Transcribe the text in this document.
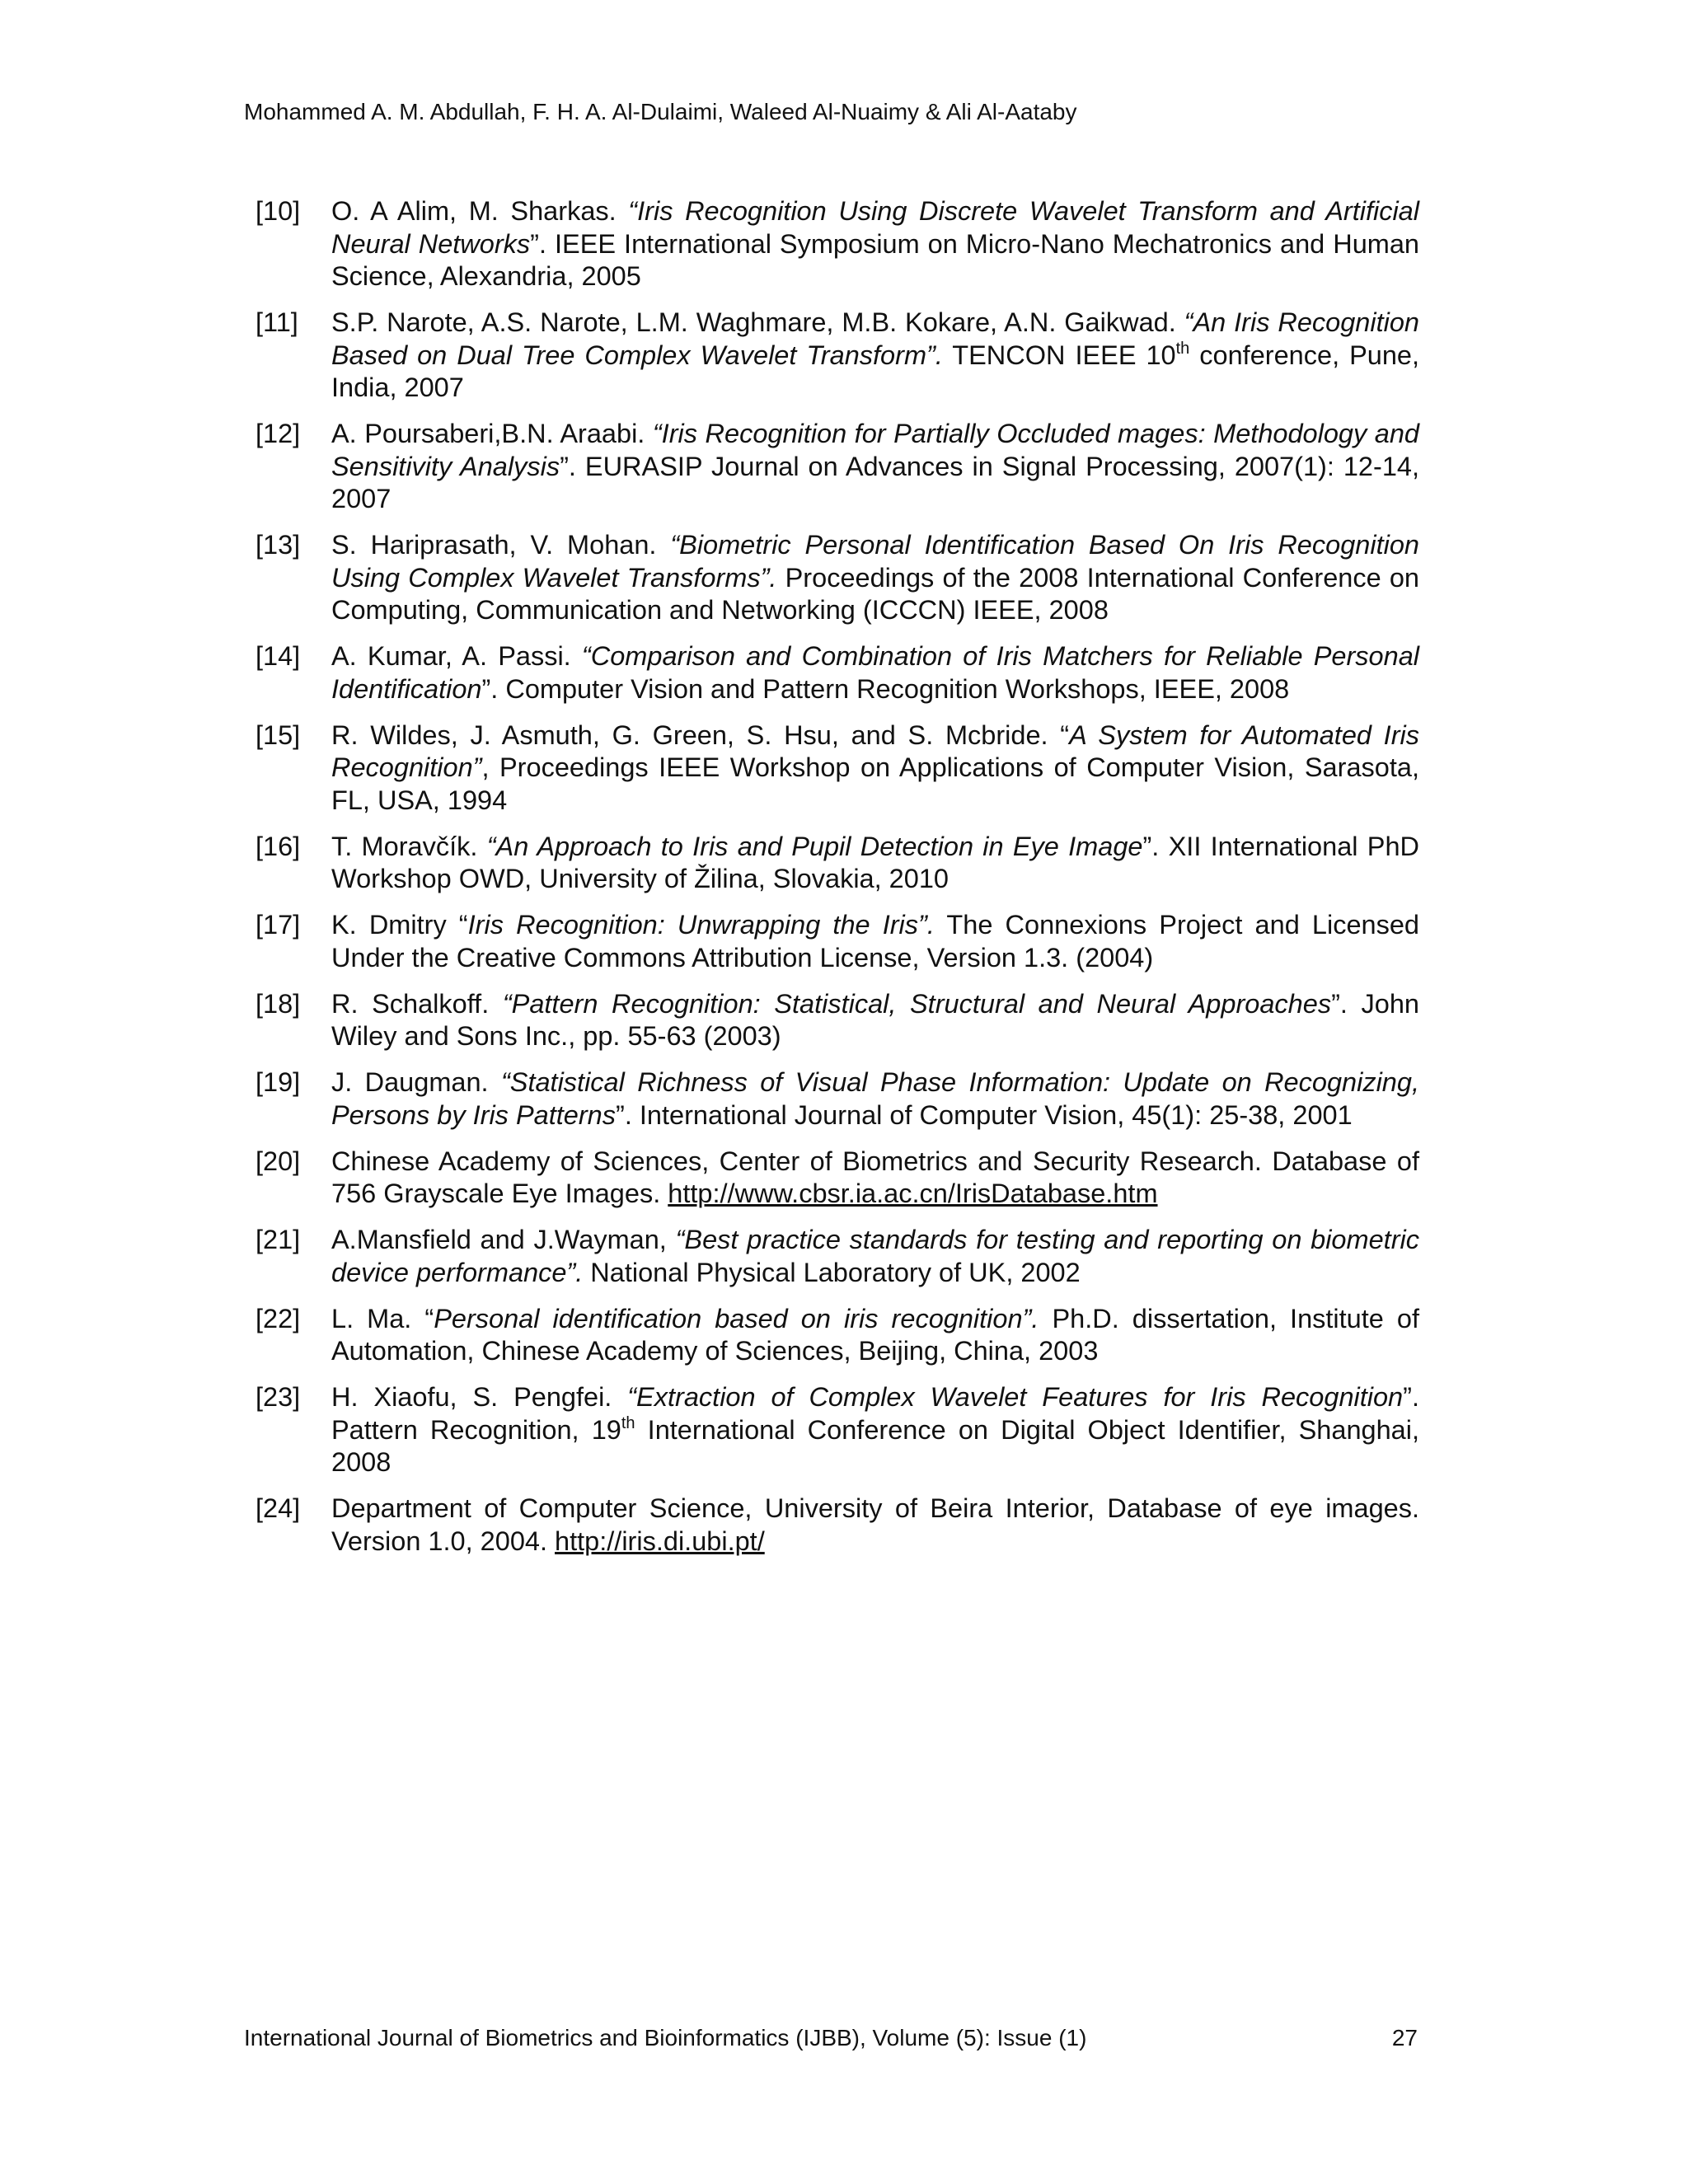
Mohammed A. M. Abdullah, F. H. A. Al-Dulaimi, Waleed Al-Nuaimy & Ali Al-Aataby
[10]	O. A Alim, M. Sharkas. “Iris Recognition Using Discrete Wavelet Transform and Artificial Neural Networks”. IEEE International Symposium on Micro-Nano Mechatronics and Human Science, Alexandria, 2005
[11]	S.P. Narote, A.S. Narote, L.M. Waghmare, M.B. Kokare, A.N. Gaikwad. “An Iris Recognition Based on Dual Tree Complex Wavelet Transform”. TENCON IEEE 10th conference, Pune, India, 2007
[12]	A. Poursaberi,B.N. Araabi. “Iris Recognition for Partially Occluded mages: Methodology and Sensitivity Analysis”. EURASIP Journal on Advances in Signal Processing, 2007(1): 12-14, 2007
[13]	S. Hariprasath, V. Mohan. “Biometric Personal Identification Based On Iris Recognition Using Complex Wavelet Transforms”. Proceedings of the 2008 International Conference on Computing, Communication and Networking (ICCCN) IEEE, 2008
[14]	A. Kumar, A. Passi. “Comparison and Combination of Iris Matchers for Reliable Personal Identification”. Computer Vision and Pattern Recognition Workshops, IEEE, 2008
[15]	R. Wildes, J. Asmuth, G. Green, S. Hsu, and S. Mcbride. “A System for Automated Iris Recognition”, Proceedings IEEE Workshop on Applications of Computer Vision, Sarasota, FL, USA, 1994
[16]	T. Moravčík. “An Approach to Iris and Pupil Detection in Eye Image”. XII International PhD Workshop OWD, University of Žilina, Slovakia, 2010
[17]	K. Dmitry “Iris Recognition: Unwrapping the Iris”. The Connexions Project and Licensed Under the Creative Commons Attribution License, Version 1.3. (2004)
[18]	R. Schalkoff. “Pattern Recognition: Statistical, Structural and Neural Approaches”. John Wiley and Sons Inc., pp. 55-63 (2003)
[19]	J. Daugman. “Statistical Richness of Visual Phase Information: Update on Recognizing, Persons by Iris Patterns”. International Journal of Computer Vision, 45(1): 25-38, 2001
[20]	Chinese Academy of Sciences, Center of Biometrics and Security Research. Database of 756 Grayscale Eye Images. http://www.cbsr.ia.ac.cn/IrisDatabase.htm
[21]	A.Mansfield and J.Wayman, “Best practice standards for testing and reporting on biometric device performance”. National Physical Laboratory of UK, 2002
[22]	L. Ma. “Personal identification based on iris recognition”. Ph.D. dissertation, Institute of Automation, Chinese Academy of Sciences, Beijing, China, 2003
[23]	H. Xiaofu, S. Pengfei. “Extraction of Complex Wavelet Features for Iris Recognition”. Pattern Recognition, 19th International Conference on Digital Object Identifier, Shanghai, 2008
[24]	Department of Computer Science, University of Beira Interior, Database of eye images. Version 1.0, 2004. http://iris.di.ubi.pt/
International Journal of Biometrics and Bioinformatics (IJBB), Volume (5): Issue (1)	27
